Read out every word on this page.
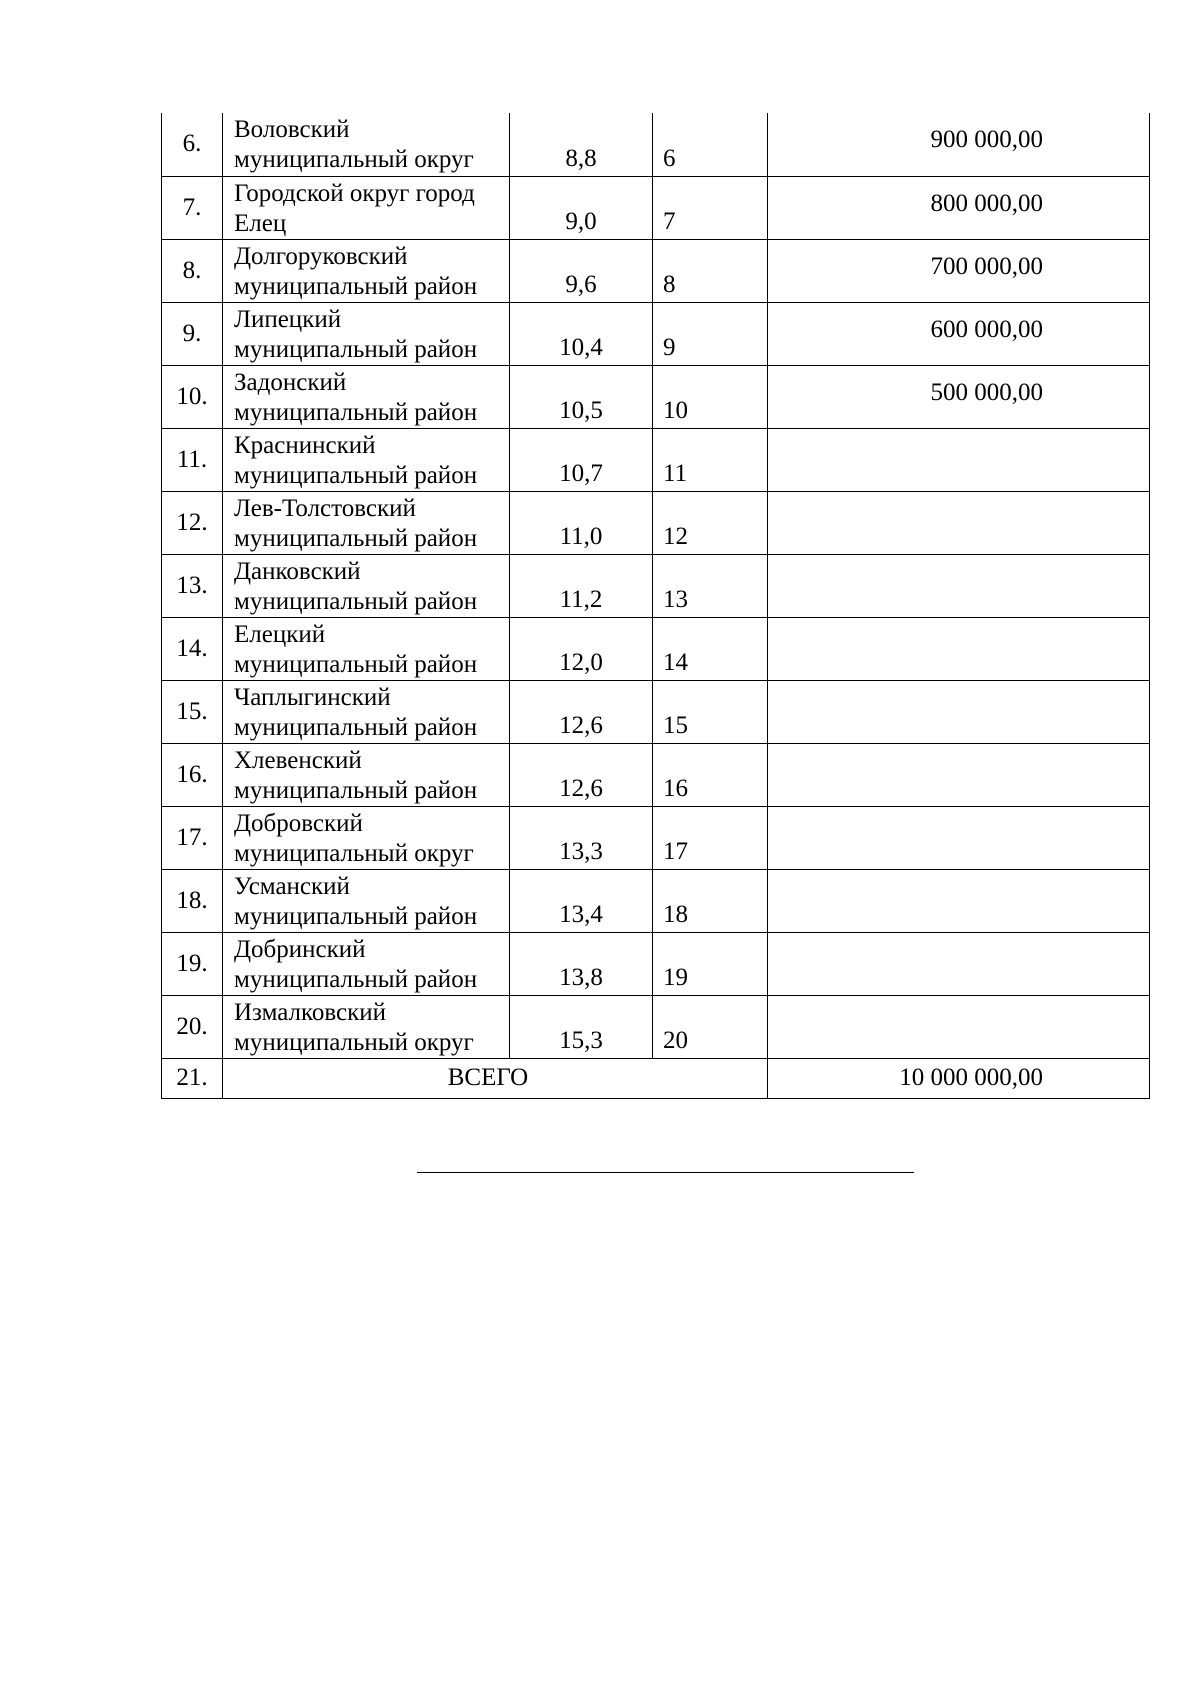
6.	Воловский
муниципальный округ	8,8	6	900 000,00
7.	Городской округ город
Елец	9,0	7	800 000,00
8.	Долгоруковский
муниципальный район	9,6	8	700 000,00
9.	Липецкий
муниципальный район	10,4	9	600 000,00
10.	Задонский
муниципальный район	10,5	10	500 000,00
11.	Краснинский
муниципальный район	10,7	11	
12.	Лев-Толстовский
муниципальный район	11,0	12	
13.	Данковский
муниципальный район	11,2	13	
14.	Елецкий
муниципальный район	12,0	14	
15.	Чаплыгинский
муниципальный район	12,6	15	
16.	Хлевенский
муниципальный район	12,6	16	
17.	Добровский
муниципальный округ	13,3	17	
18.	Усманский
муниципальный район	13,4	18	
19.	Добринский
муниципальный район	13,8	19	
20.	Измалковский
муниципальный округ	15,3	20	
21.	ВСЕГО			10 000 000,00
